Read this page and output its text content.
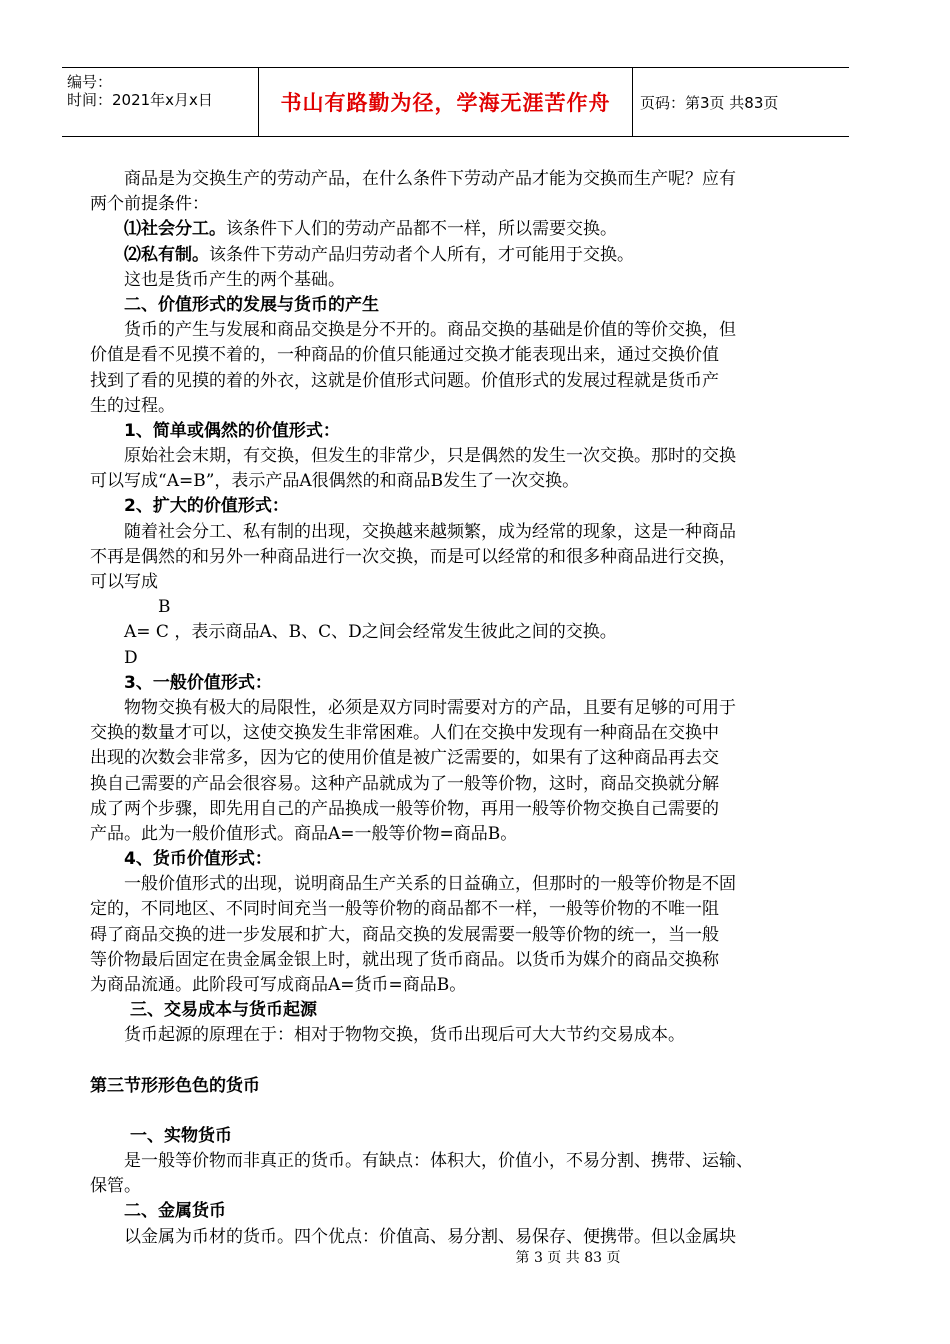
编号：
时间：2021年x月x日	书山有路勤为径，学海无涯苦作舟	页码：第3页 共83页
商品是为交换生产的劳动产品，在什么条件下劳动产品才能为交换而生产呢？应有
两个前提条件：
⑴社会分工。该条件下人们的劳动产品都不一样，所以需要交换。
⑵私有制。该条件下劳动产品归劳动者个人所有，才可能用于交换。
这也是货币产生的两个基础。
二、价值形式的发展与货币的产生
货币的产生与发展和商品交换是分不开的。商品交换的基础是价值的等价交换，但
价值是看不见摸不着的，一种商品的价值只能通过交换才能表现出来，通过交换价值
找到了看的见摸的着的外衣，这就是价值形式问题。价值形式的发展过程就是货币产
生的过程。
1、简单或偶然的价值形式：
原始社会末期，有交换，但发生的非常少，只是偶然的发生一次交换。那时的交换
可以写成“A=B”，表示产品A很偶然的和商品B发生了一次交换。
2、扩大的价值形式：
随着社会分工、私有制的出现，交换越来越频繁，成为经常的现象，这是一种商品
不再是偶然的和另外一种商品进行一次交换，而是可以经常的和很多种商品进行交换，
可以写成
B
A= C ，表示商品A、B、C、D之间会经常发生彼此之间的交换。
D
3、一般价值形式：
物物交换有极大的局限性，必须是双方同时需要对方的产品，且要有足够的可用于
交换的数量才可以，这使交换发生非常困难。人们在交换中发现有一种商品在交换中
出现的次数会非常多，因为它的使用价值是被广泛需要的，如果有了这种商品再去交
换自己需要的产品会很容易。这种产品就成为了一般等价物，这时，商品交换就分解
成了两个步骤，即先用自己的产品换成一般等价物，再用一般等价物交换自己需要的
产品。此为一般价值形式。商品A=一般等价物=商品B。
4、货币价值形式：
一般价值形式的出现，说明商品生产关系的日益确立，但那时的一般等价物是不固
定的，不同地区、不同时间充当一般等价物的商品都不一样，一般等价物的不唯一阻
碍了商品交换的进一步发展和扩大，商品交换的发展需要一般等价物的统一，当一般
等价物最后固定在贵金属金银上时，就出现了货币商品。以货币为媒介的商品交换称
为商品流通。此阶段可写成商品A=货币=商品B。
三、交易成本与货币起源
货币起源的原理在于：相对于物物交换，货币出现后可大大节约交易成本。
第三节形形色色的货币
一、实物货币
是一般等价物而非真正的货币。有缺点：体积大，价值小，不易分割、携带、运输、
保管。
二、金属货币
以金属为币材的货币。四个优点：价值高、易分割、易保存、便携带。但以金属块
第 3 页 共 83 页
